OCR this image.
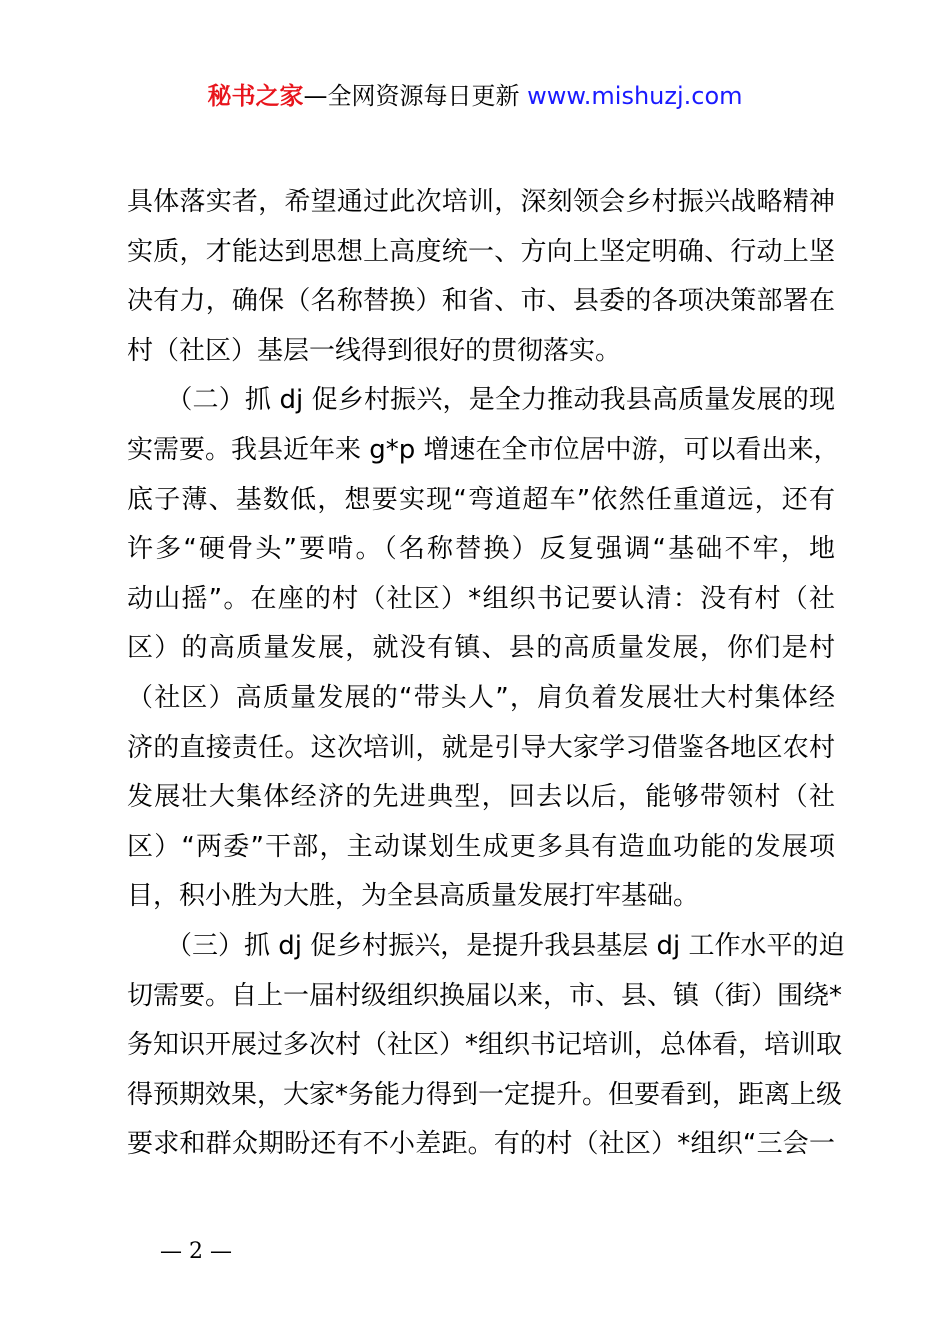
秘书之家—全网资源每日更新 www.mishuzj.com
具体落实者，希望通过此次培训，深刻领会乡村振兴战略精神
实质，才能达到思想上高度统一、方向上坚定明确、行动上坚
决有力，确保（名称替换）和省、市、县委的各项决策部署在
村（社区）基层一线得到很好的贯彻落实。
　　（二）抓 dj 促乡村振兴，是全力推动我县高质量发展的现
实需要。我县近年来 g*p 增速在全市位居中游，可以看出来，
底子薄、基数低，想要实现“弯道超车”依然任重道远，还有
许多“硬骨头”要啃。（名称替换）反复强调“基础不牢，地
动山摇”。在座的村（社区）*组织书记要认清：没有村（社
区）的高质量发展，就没有镇、县的高质量发展，你们是村
（社区）高质量发展的“带头人”，肩负着发展壮大村集体经
济的直接责任。这次培训，就是引导大家学习借鉴各地区农村
发展壮大集体经济的先进典型，回去以后，能够带领村（社
区）“两委”干部，主动谋划生成更多具有造血功能的发展项
目，积小胜为大胜，为全县高质量发展打牢基础。
　　（三）抓 dj 促乡村振兴，是提升我县基层 dj 工作水平的迫
切需要。自上一届村级组织换届以来，市、县、镇（街）围绕*
务知识开展过多次村（社区）*组织书记培训，总体看，培训取
得预期效果，大家*务能力得到一定提升。但要看到，距离上级
要求和群众期盼还有不小差距。有的村（社区）*组织“三会一
— 2 —
